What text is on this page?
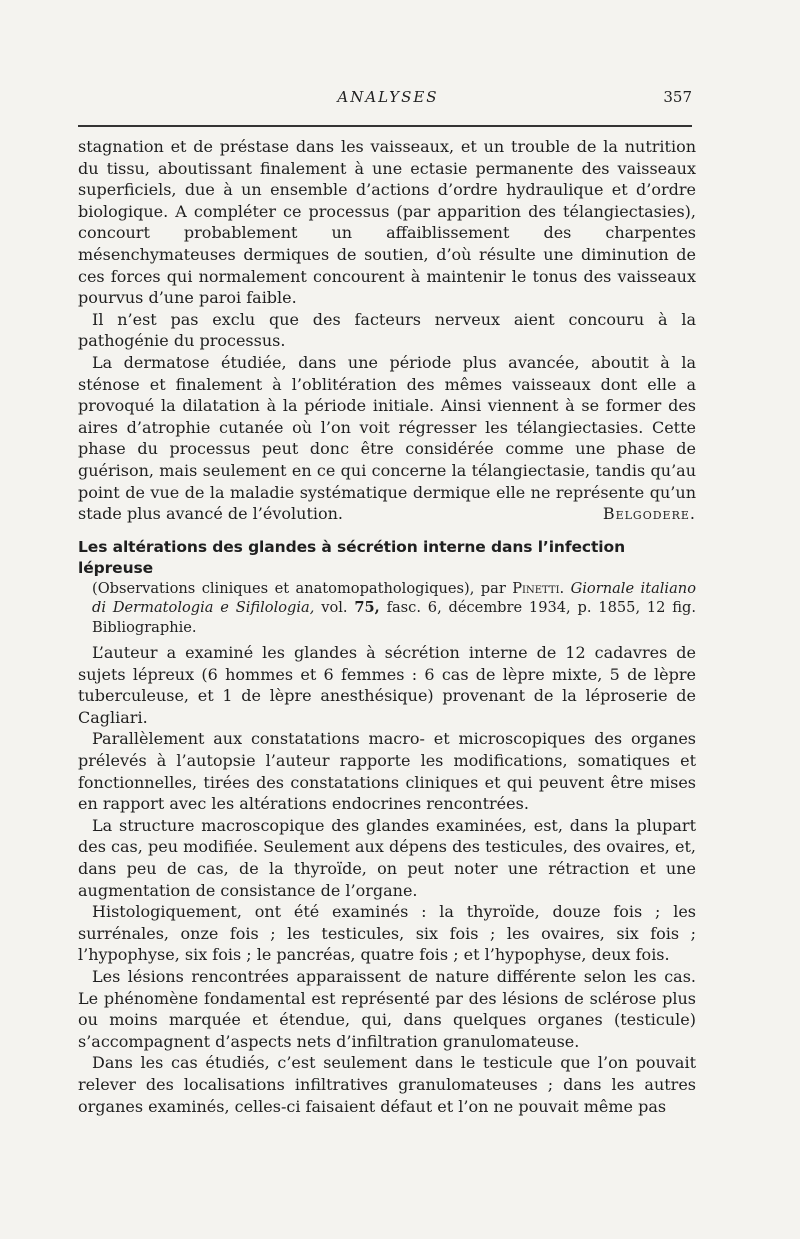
ANALYSES	357

stagnation et de préstase dans les vaisseaux, et un trouble de la nutrition du tissu, aboutissant finalement à une ectasie permanente des vaisseaux superficiels, due à un ensemble d’actions d’ordre hydraulique et d’ordre biologique. A compléter ce processus (par apparition des télangiectasies), concourt probablement un affaiblissement des charpentes mésenchymateuses dermiques de soutien, d’où résulte une diminution de ces forces qui normalement concourent à maintenir le tonus des vaisseaux pourvus d’une paroi faible.

Il n’est pas exclu que des facteurs nerveux aient concouru à la pathogénie du processus.

La dermatose étudiée, dans une période plus avancée, aboutit à la sténose et finalement à l’oblitération des mêmes vaisseaux dont elle a provoqué la dilatation à la période initiale. Ainsi viennent à se former des aires d’atrophie cutanée où l’on voit régresser les télangiectasies. Cette phase du processus peut donc être considérée comme une phase de guérison, mais seulement en ce qui concerne la télangiectasie, tandis qu’au point de vue de la maladie systématique dermique elle ne représente qu’un stade plus avancé de l’évolution.	Belgodere.

Les altérations des glandes à sécrétion interne dans l’infection lépreuse
(Observations cliniques et anatomopathologiques), par Pinetti. Giornale italiano di Dermatologia e Sifilologia, vol. 75, fasc. 6, décembre 1934, p. 1855, 12 fig. Bibliographie.

L’auteur a examiné les glandes à sécrétion interne de 12 cadavres de sujets lépreux (6 hommes et 6 femmes : 6 cas de lèpre mixte, 5 de lèpre tuberculeuse, et 1 de lèpre anesthésique) provenant de la léproserie de Cagliari.

Parallèlement aux constatations macro- et microscopiques des organes prélevés à l’autopsie l’auteur rapporte les modifications, somatiques et fonctionnelles, tirées des constatations cliniques et qui peuvent être mises en rapport avec les altérations endocrines rencontrées.

La structure macroscopique des glandes examinées, est, dans la plupart des cas, peu modifiée. Seulement aux dépens des testicules, des ovaires, et, dans peu de cas, de la thyroïde, on peut noter une rétraction et une augmentation de consistance de l’organe.

Histologiquement, ont été examinés : la thyroïde, douze fois ; les surrénales, onze fois ; les testicules, six fois ; les ovaires, six fois ; l’hypophyse, six fois ; le pancréas, quatre fois ; et l’hypophyse, deux fois.

Les lésions rencontrées apparaissent de nature différente selon les cas. Le phénomène fondamental est représenté par des lésions de sclérose plus ou moins marquée et étendue, qui, dans quelques organes (testicule) s’accompagnent d’aspects nets d’infiltration granulomateuse.

Dans les cas étudiés, c’est seulement dans le testicule que l’on pouvait relever des localisations infiltratives granulomateuses ; dans les autres organes examinés, celles-ci faisaient défaut et l’on ne pouvait même pas
